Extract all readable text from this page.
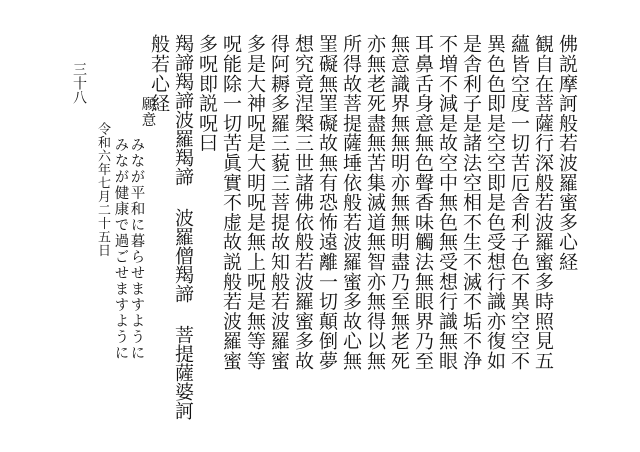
佛説摩訶般若波羅蜜多心経
観自在菩薩行深般若波羅蜜多時照見五
蘊皆空度一切苦厄舎利子色不異空空不
異色色即是空空即是色受想行識亦復如
是舎利子是諸法空相不生不滅不垢不浄
不増不減是故空中無色無受想行識無眼
耳鼻舌身意無色聲香味觸法無眼界乃至
無意識界無無明亦無無明盡乃至無老死
亦無老死盡無苦集滅道無智亦無得以無
所得故菩提薩埵依般若波羅蜜多故心無
罣礙無罣礙故無有恐怖遠離一切顛倒夢
想究竟涅槃三世諸佛依般若波羅蜜多故
得阿耨多羅三藐三菩提故知般若波羅蜜
多是大神呪是大明呪是無上呪是無等等
呪能除一切苦眞實不虚故説般若波羅蜜
多呪即説呪曰
羯諦羯諦波羅羯諦 波羅僧羯諦 菩提薩婆訶
般若心経
願意
みなが平和に暮らせますように
みなが健康で過ごせますように
令和六年七月二十五日
三十八
